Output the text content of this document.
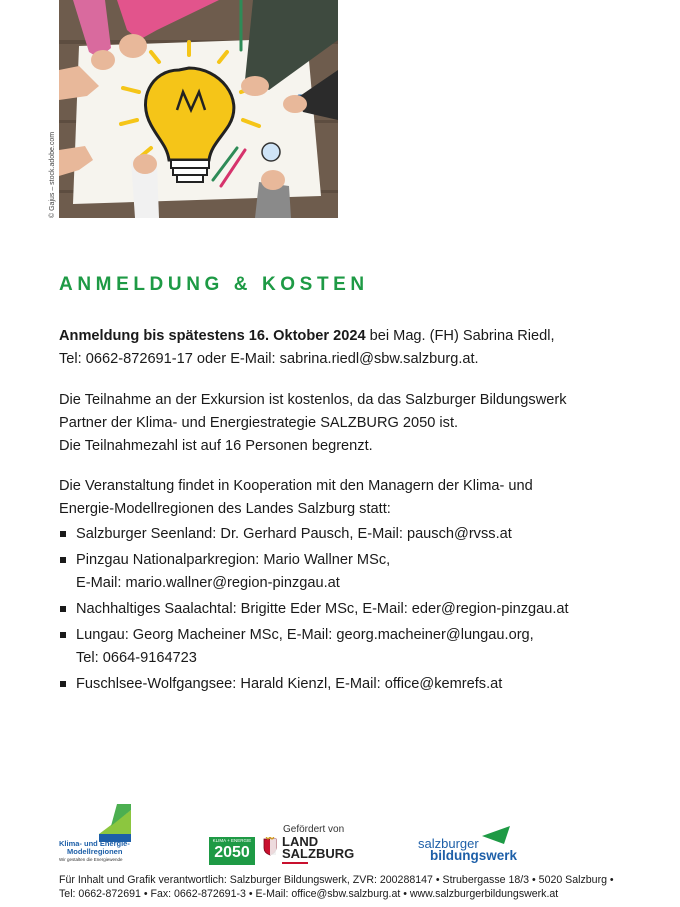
© Gajus – stock.adobe.com
ANMELDUNG & KOSTEN

Anmeldung bis spätestens 16. Oktober 2024 bei Mag. (FH) Sabrina Riedl,
Tel: 0662-872691-17 oder E-Mail: sabrina.riedl@sbw.salzburg.at.

Die Teilnahme an der Exkursion ist kostenlos, da das Salzburger Bildungswerk
Partner der Klima- und Energiestrategie SALZBURG 2050 ist.
Die Teilnahmezahl ist auf 16 Personen begrenzt.

Die Veranstaltung findet in Kooperation mit den Managern der Klima- und
Energie-Modellregionen des Landes Salzburg statt:

Salzburger Seenland: Dr. Gerhard Pausch, E-Mail: pausch@rvss.at
Pinzgau Nationalparkregion: Mario Wallner MSc,
E-Mail: mario.wallner@region-pinzgau.at
Nachhaltiges Saalachtal: Brigitte Eder MSc, E-Mail: eder@region-pinzgau.at
Lungau: Georg Macheiner MSc, E-Mail: georg.macheiner@lungau.org,
Tel: 0664-9164723
Fuschlsee-Wolfgangsee: Harald Kienzl, E-Mail: office@kemrefs.at
Klima- und Energie-
Modellregionen
Wir gestalten die Energiewende
KLIMA + ENERGIE
2050
Gefördert von
LAND
SALZBURG
salzburger
bildungswerk
Für Inhalt und Grafik verantwortlich: Salzburger Bildungswerk, ZVR: 200288147 • Strubergasse 18/3 • 5020 Salzburg •
Tel: 0662-872691 • Fax: 0662-872691-3 • E-Mail: office@sbw.salzburg.at • www.salzburgerbildungswerk.at
